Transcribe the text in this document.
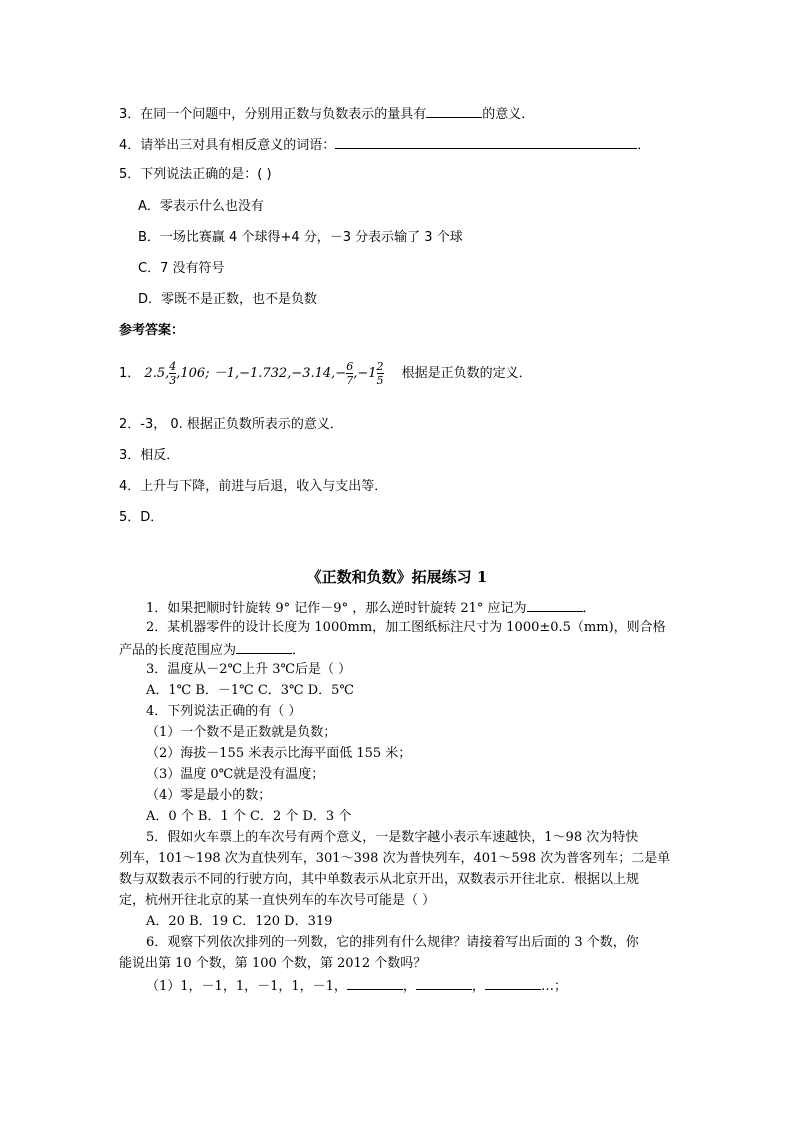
3．在同一个问题中，分别用正数与负数表示的量具有	的意义．
4．请举出三对具有相反意义的词语：	．
5．下列说法正确的是：( )
A．零表示什么也没有
B．一场比赛赢 4 个球得+4 分，－3 分表示输了 3 个球
C．7 没有符号
D．零既不是正数，也不是负数
参考答案：
1． 2.5, $\frac{4}{3} ,106$; $-1,-1.732,-3.14,- \frac{6}{7} ,-1 \frac{2}{5}$ 根据是正负数的定义．
2．-3， 0. 根据正负数所表示的意义．
3．相反．
4．上升与下降，前进与后退，收入与支出等．
5．D．
《正数和负数》拓展练习 1
1．如果把顺时针旋转 9° 记作－9° ，那么逆时针旋转 21° 应记为	．
2．某机器零件的设计长度为 1000mm，加工图纸标注尺寸为 1000±0.5（mm)，则合格
产品的长度范围应为	．
3．温度从－2℃上升 3℃后是（ ）
A．1℃ B．－1℃ C．3℃ D．5℃
4．下列说法正确的有（ ）
（1）一个数不是正数就是负数；
（2）海拔－155 米表示比海平面低 155 米；
（3）温度 0℃就是没有温度；
（4）零是最小的数；
A．0 个 B．1 个 C．2 个 D．3 个
5．假如火车票上的车次号有两个意义，一是数字越小表示车速越快，1～98 次为特快
列车，101～198 次为直快列车，301～398 次为普快列车，401～598 次为普客列车；二是单
数与双数表示不同的行驶方向，其中单数表示从北京开出，双数表示开往北京．根据以上规
定，杭州开往北京的某一直快列车的车次号可能是（ ）
A．20 B．19 C．120 D．319
6．观察下列依次排列的一列数，它的排列有什么规律？请接着写出后面的 3 个数，你
能说出第 10 个数，第 100 个数，第 2012 个数吗？
（1）1，－1，1，－1，1，－1，	，	，	…；
